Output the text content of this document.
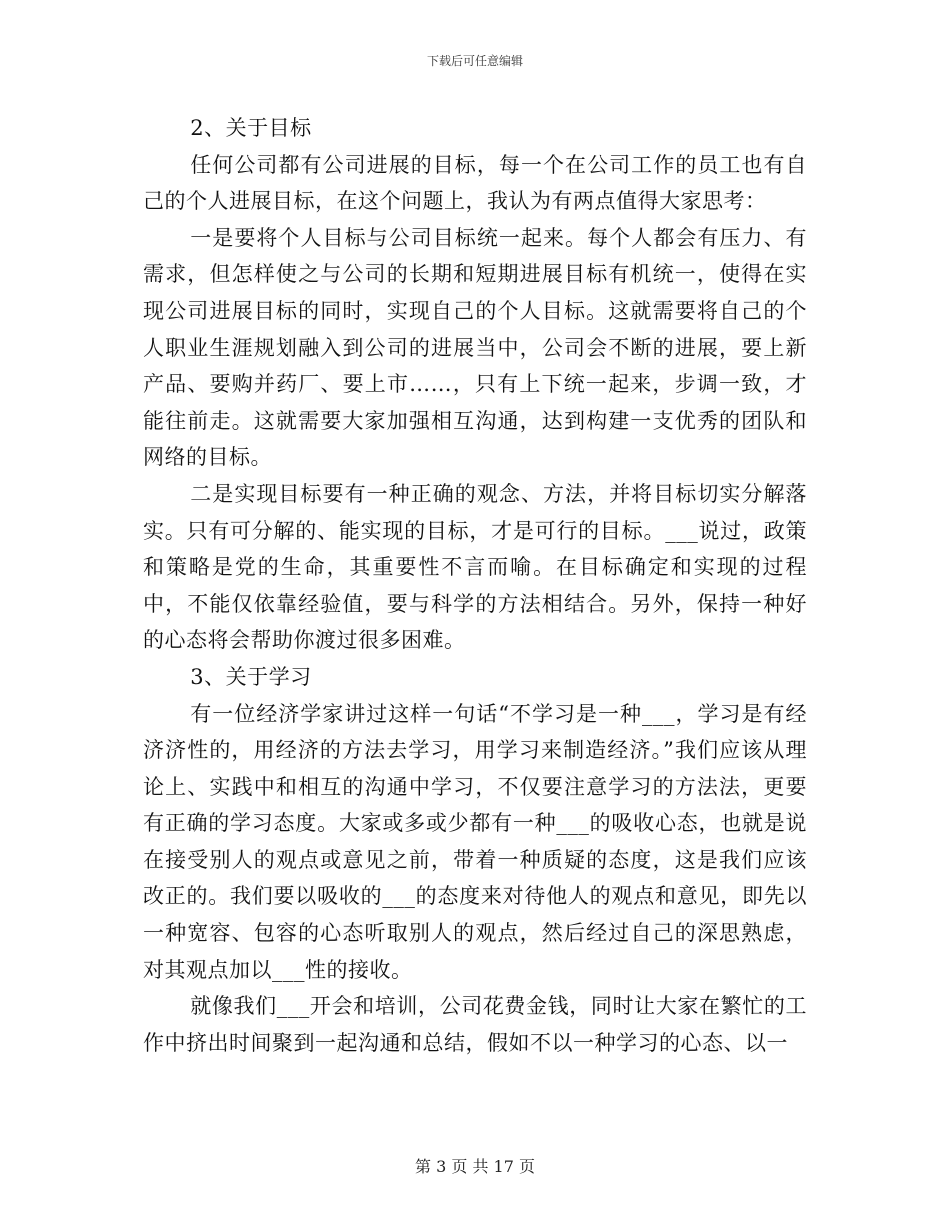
下载后可任意编辑

2、关于目标

任何公司都有公司进展的目标，每一个在公司工作的员工也有自己的个人进展目标，在这个问题上，我认为有两点值得大家思考：

一是要将个人目标与公司目标统一起来。每个人都会有压力、有需求，但怎样使之与公司的长期和短期进展目标有机统一，使得在实现公司进展目标的同时，实现自己的个人目标。这就需要将自己的个人职业生涯规划融入到公司的进展当中，公司会不断的进展，要上新产品、要购并药厂、要上市……，只有上下统一起来，步调一致，才能往前走。这就需要大家加强相互沟通，达到构建一支优秀的团队和网络的目标。

二是实现目标要有一种正确的观念、方法，并将目标切实分解落实。只有可分解的、能实现的目标，才是可行的目标。___说过，政策和策略是党的生命，其重要性不言而喻。在目标确定和实现的过程中，不能仅依靠经验值，要与科学的方法相结合。另外，保持一种好的心态将会帮助你渡过很多困难。

3、关于学习

有一位经济学家讲过这样一句话“不学习是一种___，学习是有经济济性的，用经济的方法去学习，用学习来制造经济。”我们应该从理论上、实践中和相互的沟通中学习，不仅要注意学习的方法法，更要有正确的学习态度。大家或多或少都有一种___的吸收心态，也就是说在接受别人的观点或意见之前，带着一种质疑的态度，这是我们应该改正的。我们要以吸收的___的态度来对待他人的观点和意见，即先以一种宽容、包容的心态听取别人的观点，然后经过自己的深思熟虑，对其观点加以___性的接收。

就像我们___开会和培训，公司花费金钱，同时让大家在繁忙的工作中挤出时间聚到一起沟通和总结，假如不以一种学习的心态、以一

第 3 页 共 17 页
